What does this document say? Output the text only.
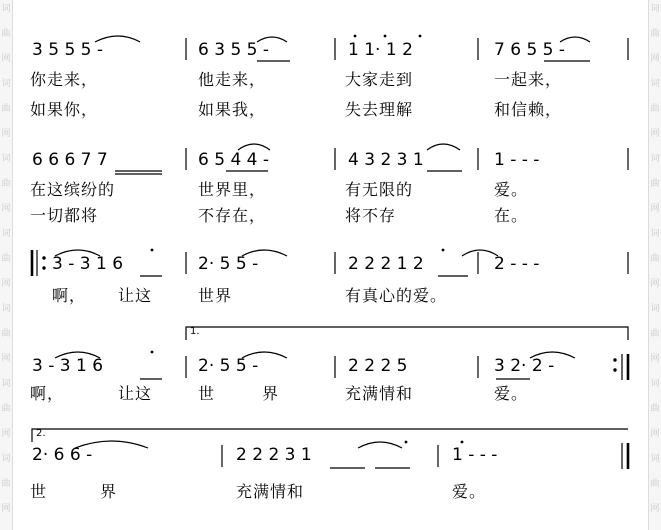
词
曲
网
词
曲
网
词
曲
网
词
曲
网
词
曲
网
词
曲
网
词
曲
网
词
曲
网
词
曲
网
词
曲
网
词
曲
网
词
曲
网
词
曲
网
词
曲
网
3 5 5 5 -	6 3 5 5 -	1 1· 1 2	7 6 5 5 -
你走来，	他走来，	大家走到	一起来，
如果你，	如果我，	失去理解	和信赖，
6 6 6 7 7	6 5 4 4 -	4 3 2 3 1	1 - - -
在这缤纷的	世界里，	有无限的	爱。
一切都将	不存在，	将不存	在。
3 - 3 1 6	2· 5 5 -	2 2 2 1 2	2 - - -
啊， 让这	世界	有真心的爱。
1.
3 - 3 1 6	2· 5 5 -	2 2 2 5	3 2· 2 -
啊，	让这	世	界	充满情和	爱。
2.
2· 6 6 -	2 2 2 3 1	1 - - -
世	界	充满情和	爱。
